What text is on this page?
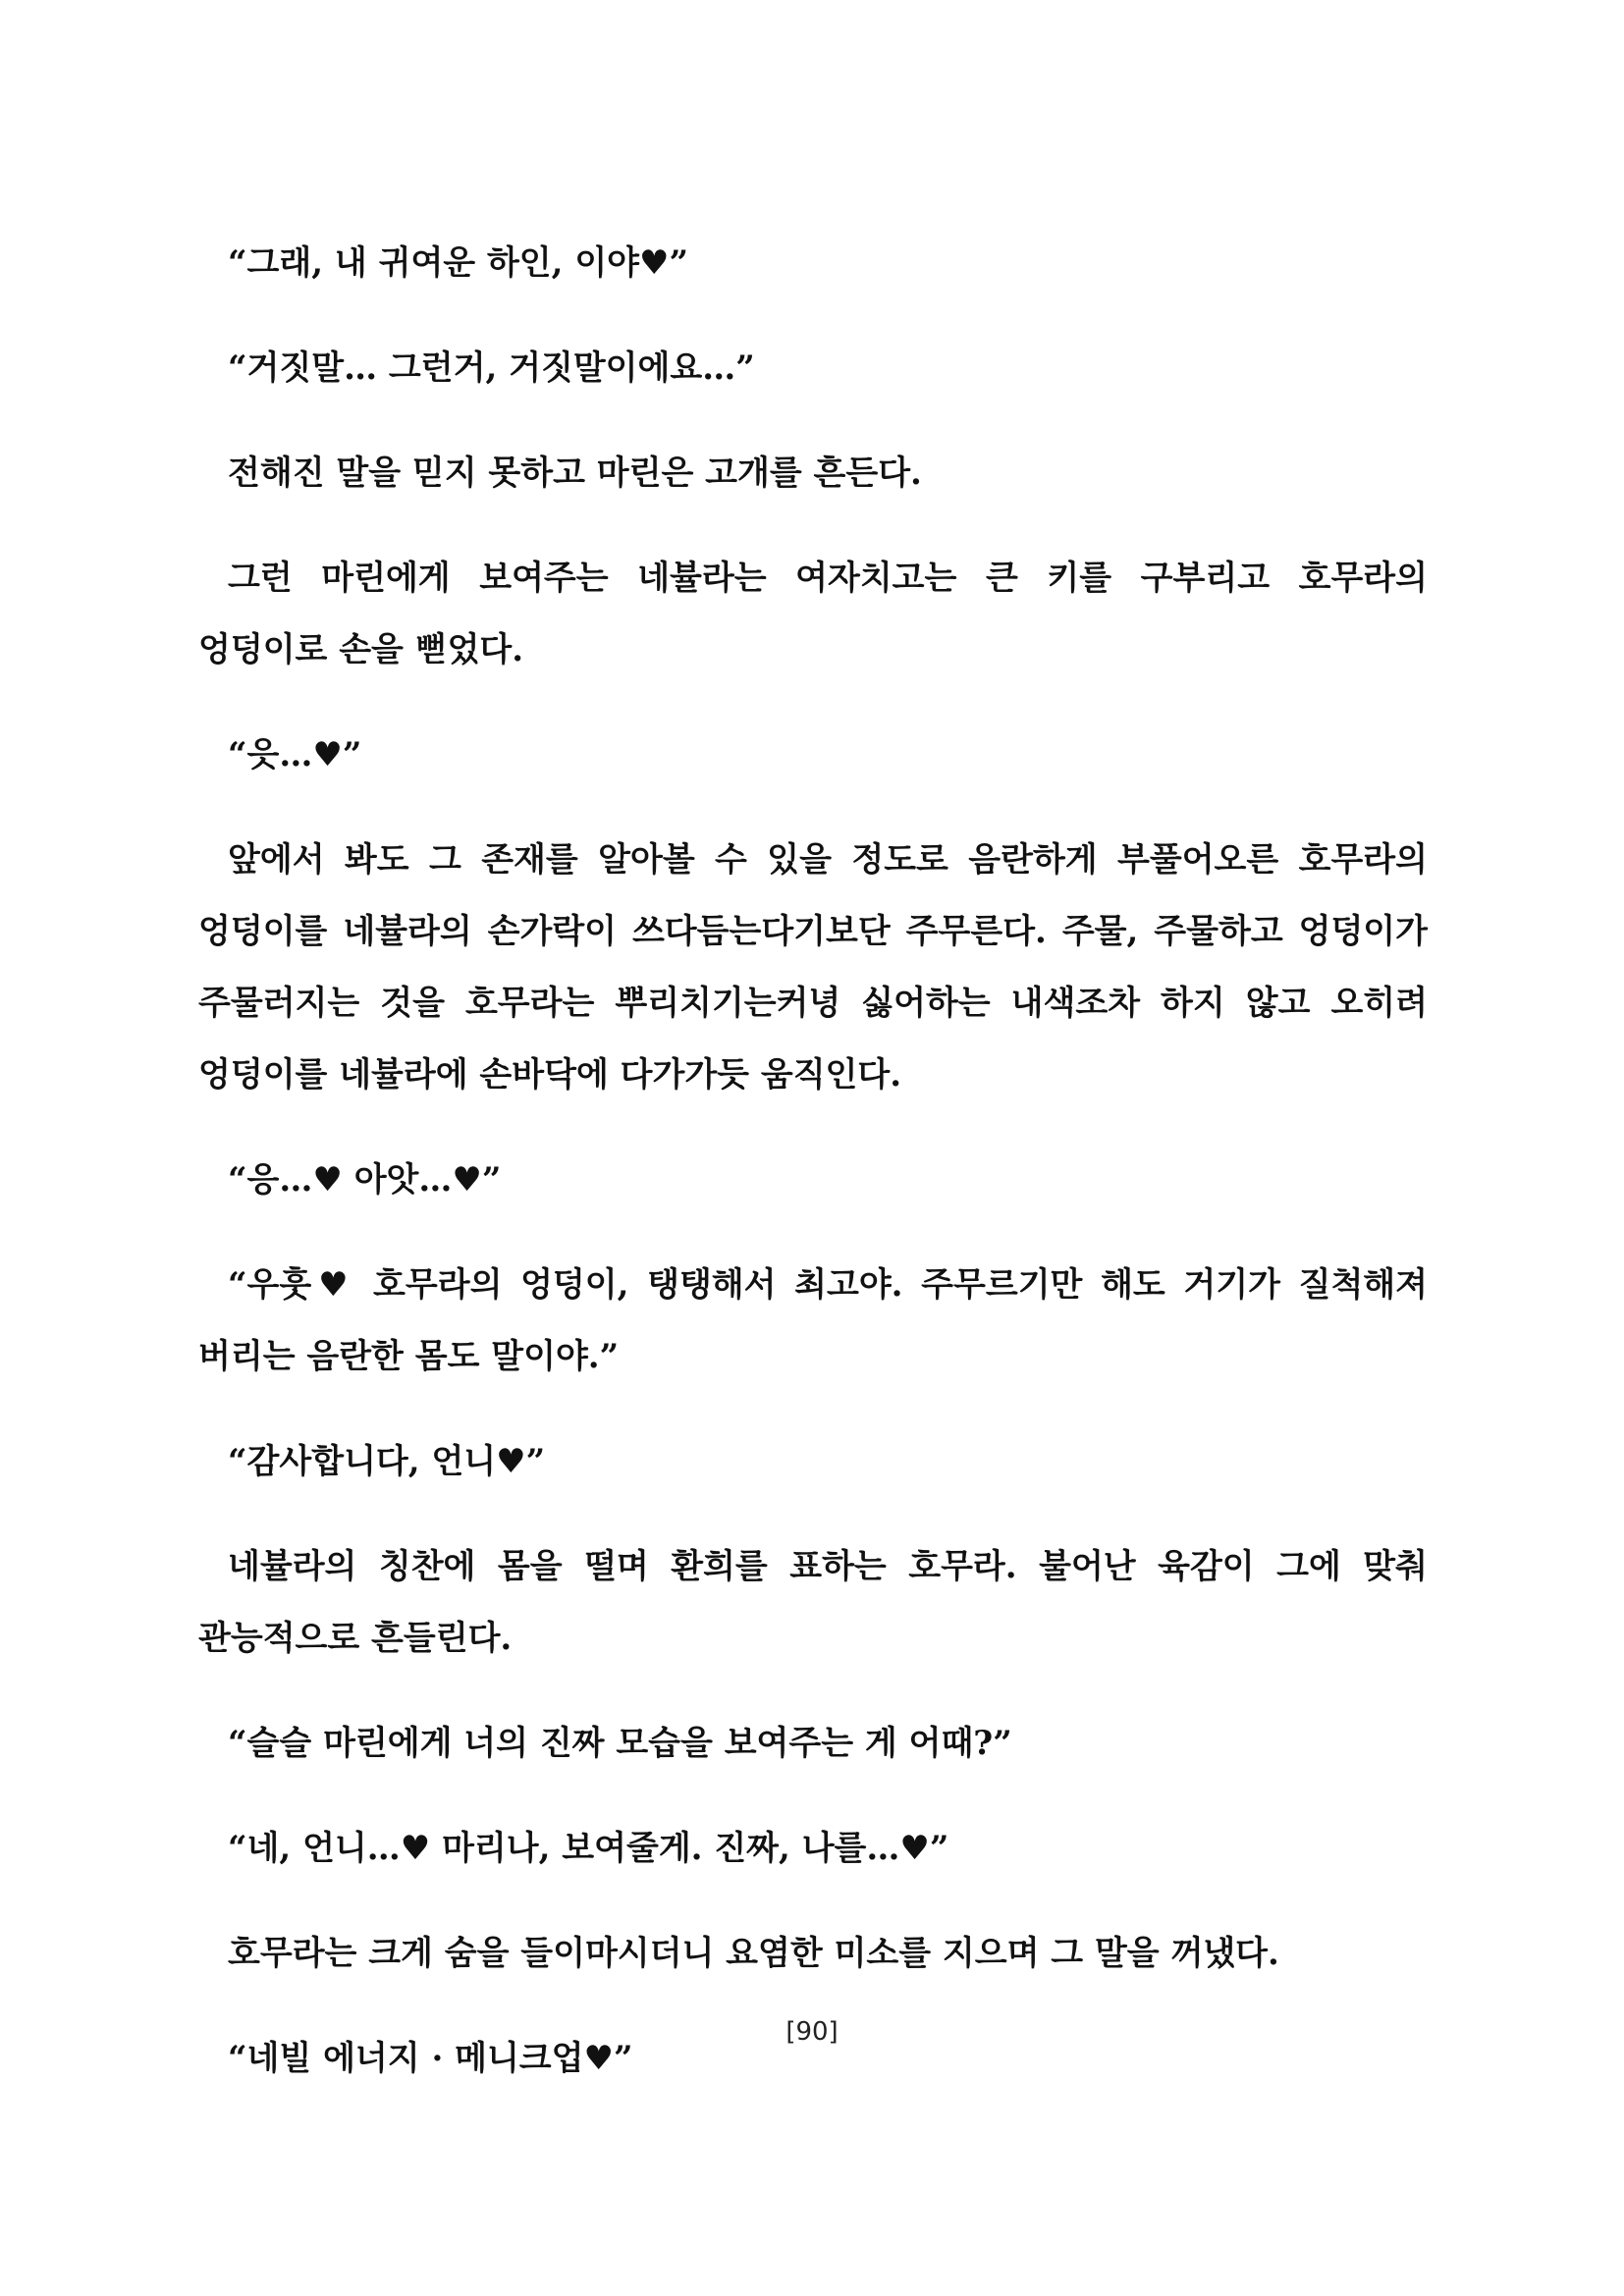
“그래, 내 귀여운 하인, 이야♥”

“거짓말… 그런거, 거짓말이에요…”

전해진 말을 믿지 못하고 마린은 고개를 흔든다.

그런 마린에게 보여주는 네뷸라는 여자치고는 큰 키를 구부리고 호무라의 엉덩이로 손을 뻗었다.

“읏…♥”

앞에서 봐도 그 존재를 알아볼 수 있을 정도로 음란하게 부풀어오른 호무라의 엉덩이를 네뷸라의 손가락이 쓰다듬는다기보단 주무른다. 주물, 주물하고 엉덩이가 주물러지는 것을 호무라는 뿌리치기는커녕 싫어하는 내색조차 하지 않고 오히려 엉덩이를 네뷸라에 손바닥에 다가가듯 움직인다.

“응…♥ 아앗…♥”

“우훗♥ 호무라의 엉덩이, 탱탱해서 최고야. 주무르기만 해도 거기가 질척해져 버리는 음란한 몸도 말이야.”

“감사합니다, 언니♥”

네뷸라의 칭찬에 몸을 떨며 환희를 표하는 호무라. 불어난 육감이 그에 맞춰 관능적으로 흔들린다.

“슬슬 마린에게 너의 진짜 모습을 보여주는 게 어때?”

“네, 언니…♥ 마리나, 보여줄게. 진짜, 나를…♥”

호무라는 크게 숨을 들이마시더니 요염한 미소를 지으며 그 말을 꺼냈다.

“네빌 에너지 · 메니크업♥”

[90]
